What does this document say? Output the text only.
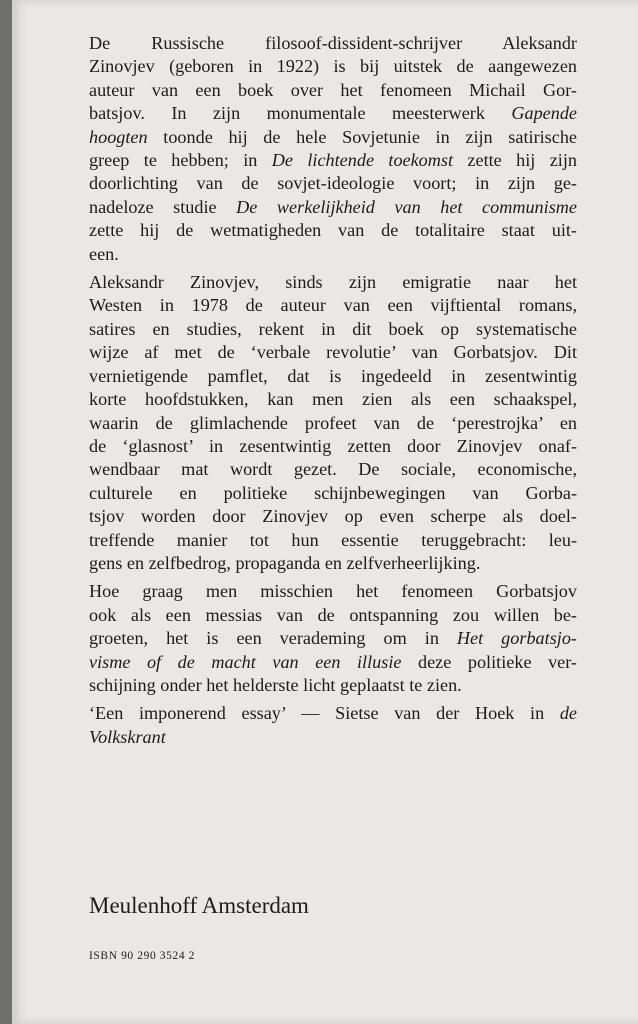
De Russische filosoof-dissident-schrijver Aleksandr
Zinovjev (geboren in 1922) is bij uitstek de aangewezen
auteur van een boek over het fenomeen Michail Gor-
batsjov. In zijn monumentale meesterwerk Gapende
hoogten toonde hij de hele Sovjetunie in zijn satirische
greep te hebben; in De lichtende toekomst zette hij zijn
doorlichting van de sovjet-ideologie voort; in zijn ge-
nadeloze studie De werkelijkheid van het communisme
zette hij de wetmatigheden van de totalitaire staat uit-
een.

Aleksandr Zinovjev, sinds zijn emigratie naar het
Westen in 1978 de auteur van een vijftiental romans,
satires en studies, rekent in dit boek op systematische
wijze af met de ‘verbale revolutie’ van Gorbatsjov. Dit
vernietigende pamflet, dat is ingedeeld in zesentwintig
korte hoofdstukken, kan men zien als een schaakspel,
waarin de glimlachende profeet van de ‘perestrojka’ en
de ‘glasnost’ in zesentwintig zetten door Zinovjev onaf-
wendbaar mat wordt gezet. De sociale, economische,
culturele en politieke schijnbewegingen van Gorba-
tsjov worden door Zinovjev op even scherpe als doel-
treffende manier tot hun essentie teruggebracht: leu-
gens en zelfbedrog, propaganda en zelfverheerlijking.

Hoe graag men misschien het fenomeen Gorbatsjov
ook als een messias van de ontspanning zou willen be-
groeten, het is een verademing om in Het gorbatsjo-
visme of de macht van een illusie deze politieke ver-
schijning onder het helderste licht geplaatst te zien.

‘Een imponerend essay’ — Sietse van der Hoek in de
Volkskrant

Meulenhoff Amsterdam
ISBN 90 290 3524 2
